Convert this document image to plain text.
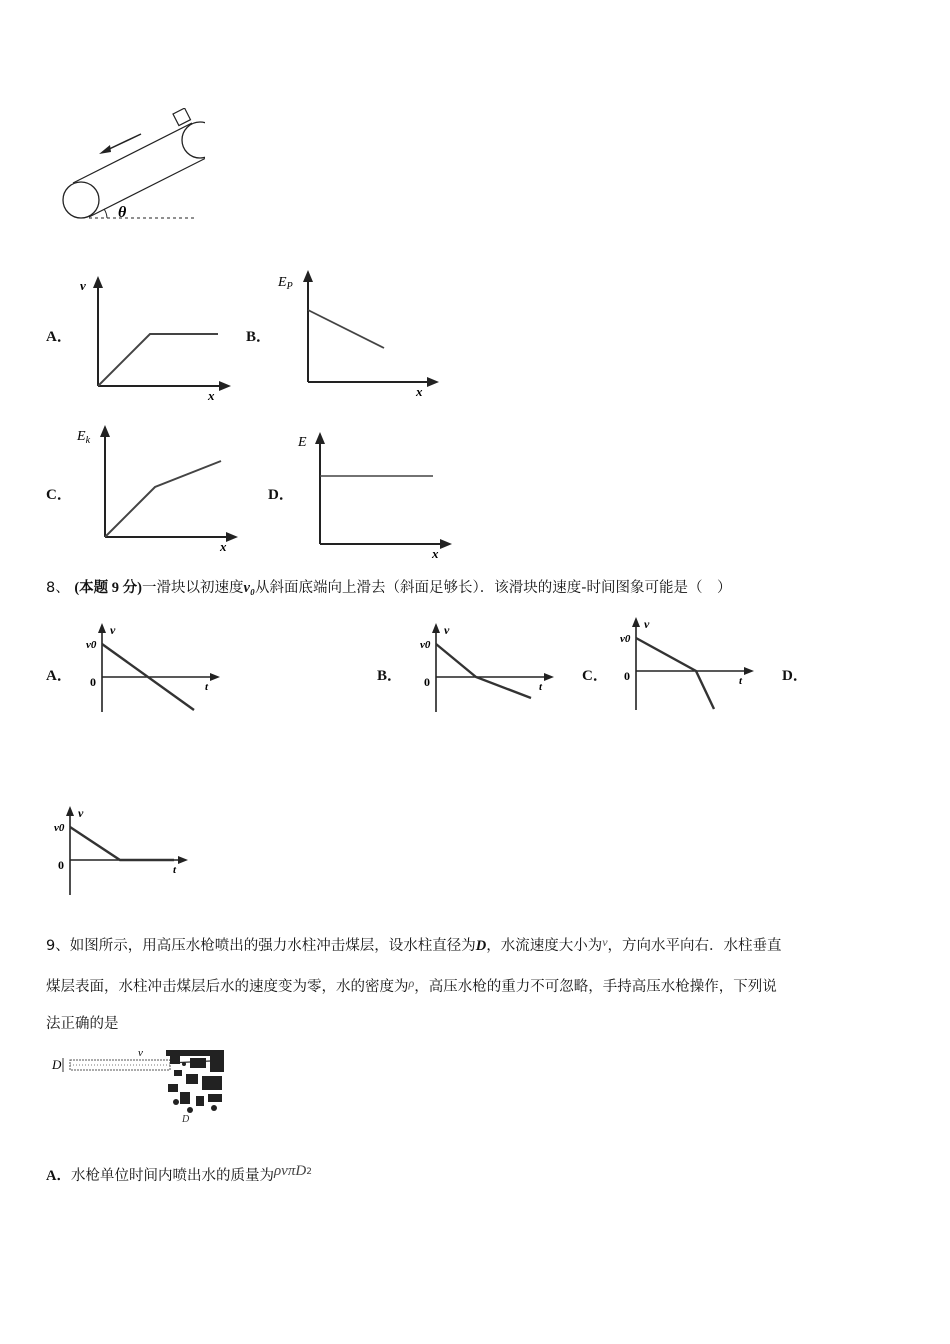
θ
A．
v
x
B．
$E_P$
x
C．
$E_k$
x
D．
E
x
8、 (本题 9 分)一滑块以初速度v₀从斜面底端向上滑去（斜面足够长）．该滑块的速度-时间图象可能是（　）
A．
v
v0
0	t
B．
v
v0
0	t
C．
v
v0
0	t	D．
v
v0
0	t
9、如图所示，用高压水枪喷出的强力水柱冲击煤层，设水柱直径为D，水流速度大小为$^v$，方向水平向右．水柱垂直
煤层表面，水柱冲击煤层后水的速度变为零，水的密度为$^\rho$，高压水枪的重力不可忽略，手持高压水枪操作，下列说
法正确的是
D
v
D
A．水枪单位时间内喷出水的质量为ρvπD$^2$
